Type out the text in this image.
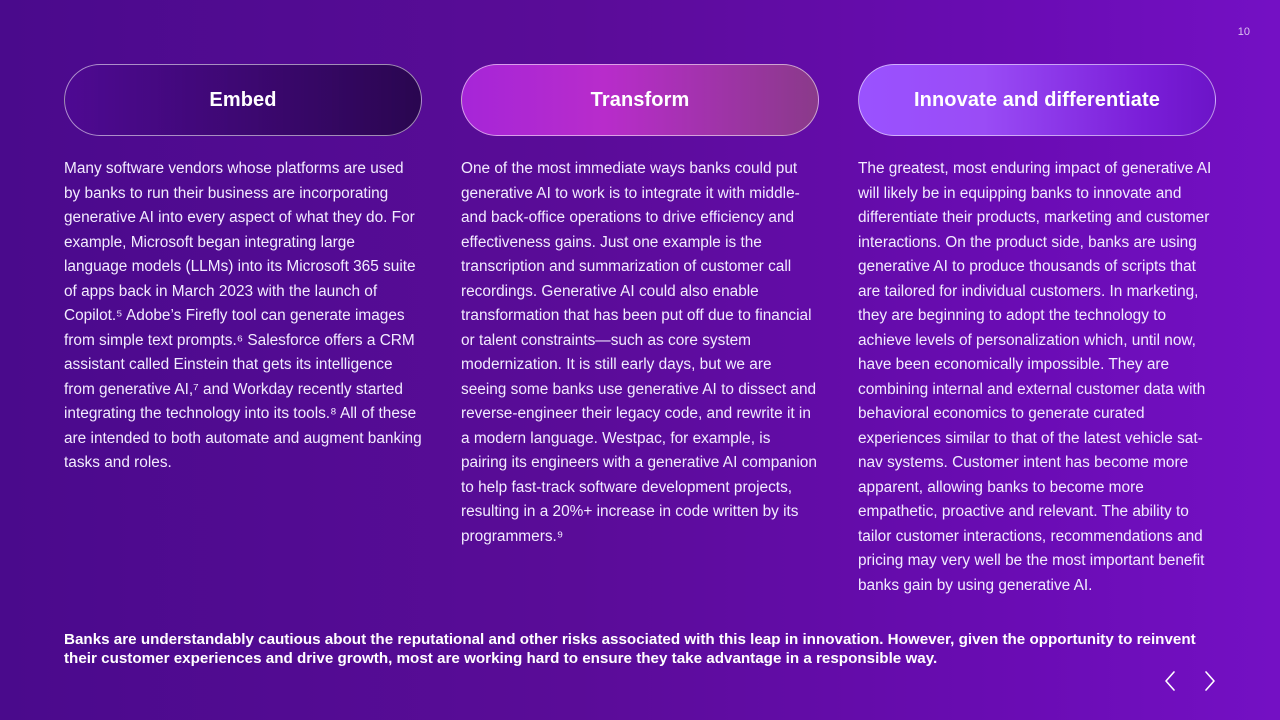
10
Embed
Many software vendors whose platforms are used by banks to run their business are incorporating generative AI into every aspect of what they do. For example, Microsoft began integrating large language models (LLMs) into its Microsoft 365 suite of apps back in March 2023 with the launch of Copilot.⁵ Adobe’s Firefly tool can generate images from simple text prompts.⁶ Salesforce offers a CRM assistant called Einstein that gets its intelligence from generative AI,⁷ and Workday recently started integrating the technology into its tools.⁸ All of these are intended to both automate and augment banking tasks and roles.
Transform
One of the most immediate ways banks could put generative AI to work is to integrate it with middle- and back-office operations to drive efficiency and effectiveness gains. Just one example is the transcription and summarization of customer call recordings. Generative AI could also enable transformation that has been put off due to financial or talent constraints—such as core system modernization. It is still early days, but we are seeing some banks use generative AI to dissect and reverse-engineer their legacy code, and rewrite it in a modern language. Westpac, for example, is pairing its engineers with a generative AI companion to help fast-track software development projects, resulting in a 20%+ increase in code written by its programmers.⁹
Innovate and differentiate
The greatest, most enduring impact of generative AI will likely be in equipping banks to innovate and differentiate their products, marketing and customer interactions. On the product side, banks are using generative AI to produce thousands of scripts that are tailored for individual customers. In marketing, they are beginning to adopt the technology to achieve levels of personalization which, until now, have been economically impossible. They are combining internal and external customer data with behavioral economics to generate curated experiences similar to that of the latest vehicle sat-nav systems. Customer intent has become more apparent, allowing banks to become more empathetic, proactive and relevant. The ability to tailor customer interactions, recommendations and pricing may very well be the most important benefit banks gain by using generative AI.
Banks are understandably cautious about the reputational and other risks associated with this leap in innovation. However, given the opportunity to reinvent their customer experiences and drive growth, most are working hard to ensure they take advantage in a responsible way.
